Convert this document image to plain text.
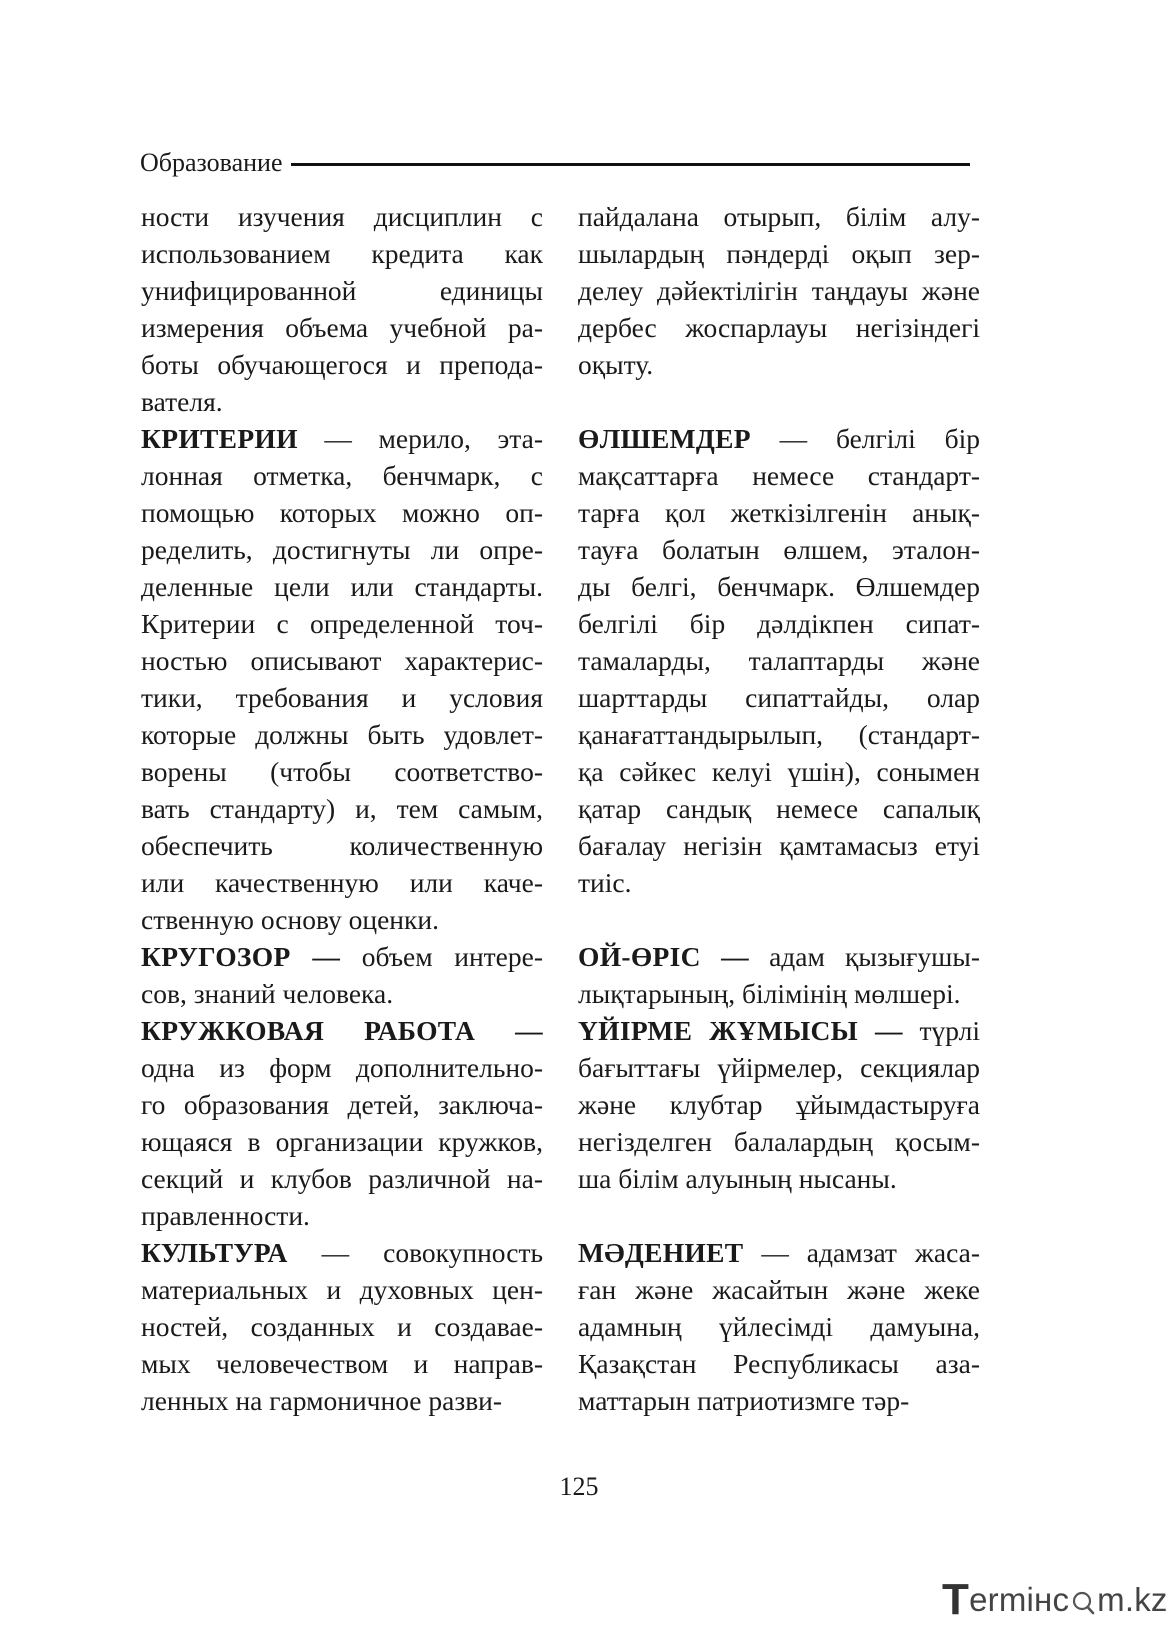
Образование
ности изучения дисциплин с
использованием кредита как
унифицированной единицы
измерения объема учебной ра-
боты обучающегося и препода-
вателя.
КРИТЕРИИ — мерило, эта-
лонная отметка, бенчмарк, с
помощью которых можно оп-
ределить, достигнуты ли опре-
деленные цели или стандарты.
Критерии с определенной точ-
ностью описывают характерис-
тики, требования и условия
которые должны быть удовлет-
ворены (чтобы соответство-
вать стандарту) и, тем самым,
обеспечить количественную
или качественную или каче-
ственную основу оценки.
КРУГОЗОР — объем интере-
сов, знаний человека.
КРУЖКОВАЯ РАБОТА —
одна из форм дополнительно-
го образования детей, заключа-
ющаяся в организации кружков,
секций и клубов различной на-
правленности.
КУЛЬТУРА — совокупность
материальных и духовных цен-
ностей, созданных и создавае-
мых человечеством и направ-
ленных на гармоничное разви-
пайдалана отырып, білім алу-
шылардың пәндерді оқып зер-
делеу дәйектілігін таңдауы және
дербес жоспарлауы негізіндегі
оқыту.
ӨЛШЕМДЕР — белгілі бір
мақсаттарға немесе стандарт-
тарға қол жеткізілгенін анық-
тауға болатын өлшем, эталон-
ды белгі, бенчмарк. Өлшемдер
белгілі бір дәлдікпен сипат-
тамаларды, талаптарды және
шарттарды сипаттайды, олар
қанағаттандырылып, (стандарт-
қа сәйкес келуі үшін), сонымен
қатар сандық немесе сапалық
бағалау негізін қамтамасыз етуі
тиіс.
ОЙ-ӨРІС — адам қызығушы-
лықтарының, білімінің мөлшері.
ҮЙІРМЕ ЖҰМЫСЫ — түрлі
бағыттағы үйірмелер, секциялар
және клубтар ұйымдастыруға
негізделген балалардың қосым-
ша білім алуының нысаны.
МӘДЕНИЕТ — адамзат жаса-
ған және жасайтын және жеке
адамның үйлесімді дамуына,
Қазақстан Республикасы аза-
маттарын патриотизмге тәр-
125
T ermінс m.kz
